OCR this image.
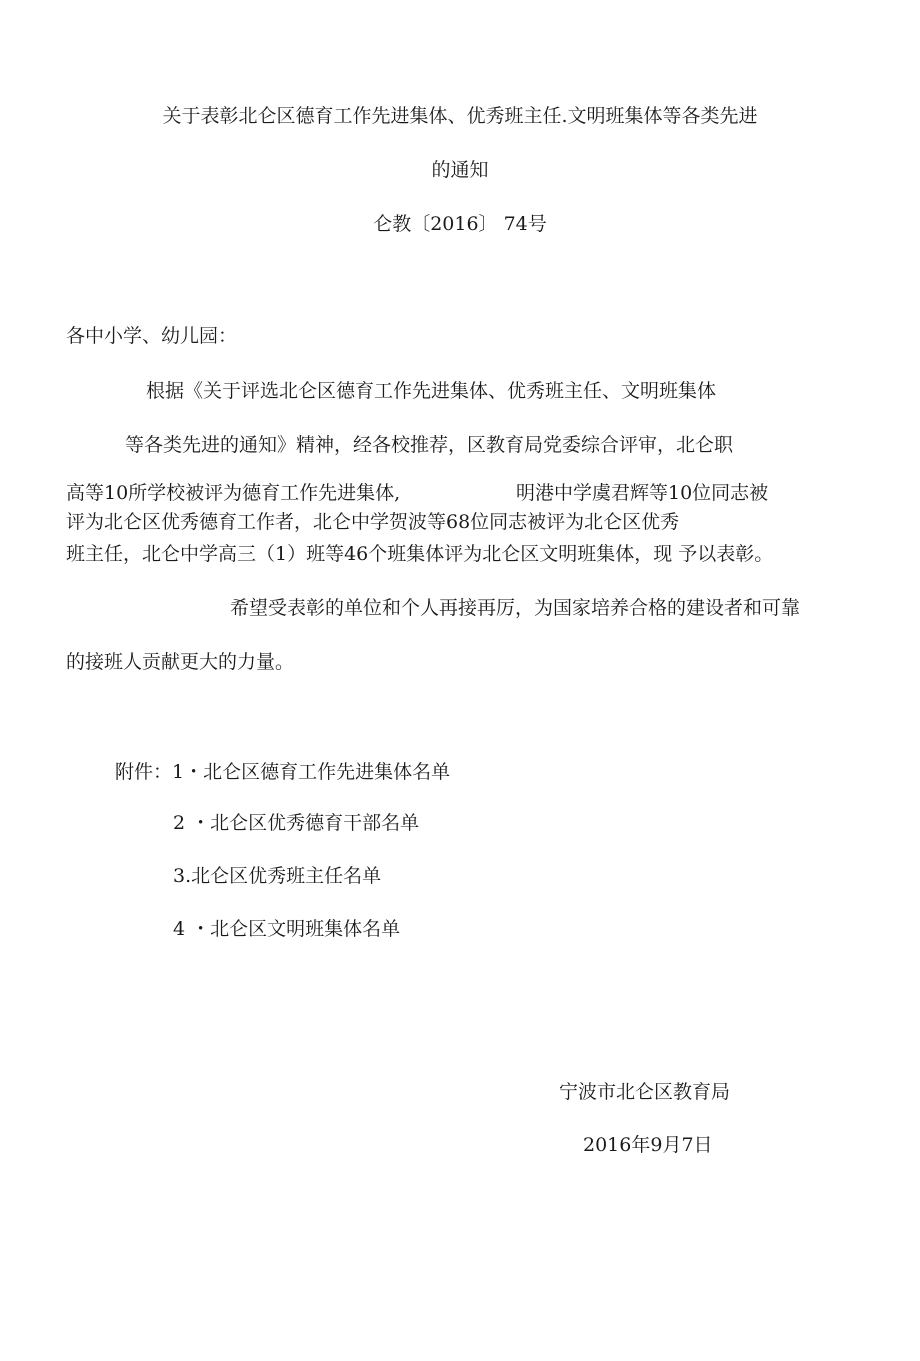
关于表彰北仑区德育工作先进集体、优秀班主任.文明班集体等各类先进
的通知
仑教〔2016〕 74号
各中小学、幼儿园：
根据《关于评选北仑区德育工作先进集体、优秀班主任、文明班集体
等各类先进的通知》精神，经各校推荐，区教育局党委综合评审，北仑职
高等10所学校被评为德育工作先进集体,	明港中学虞君辉等10位同志被
评为北仑区优秀德育工作者，北仑中学贺波等68位同志被评为北仑区优秀
班主任，北仑中学高三（1）班等46个班集体评为北仑区文明班集体，现 予以表彰。
希望受表彰的单位和个人再接再厉，为国家培养合格的建设者和可靠
的接班人贡献更大的力量。
附件：1・北仑区德育工作先进集体名单
2 ・北仑区优秀德育干部名单
3.北仑区优秀班主任名单
4 ・北仑区文明班集体名单
宁波市北仑区教育局
2016年9月7日
